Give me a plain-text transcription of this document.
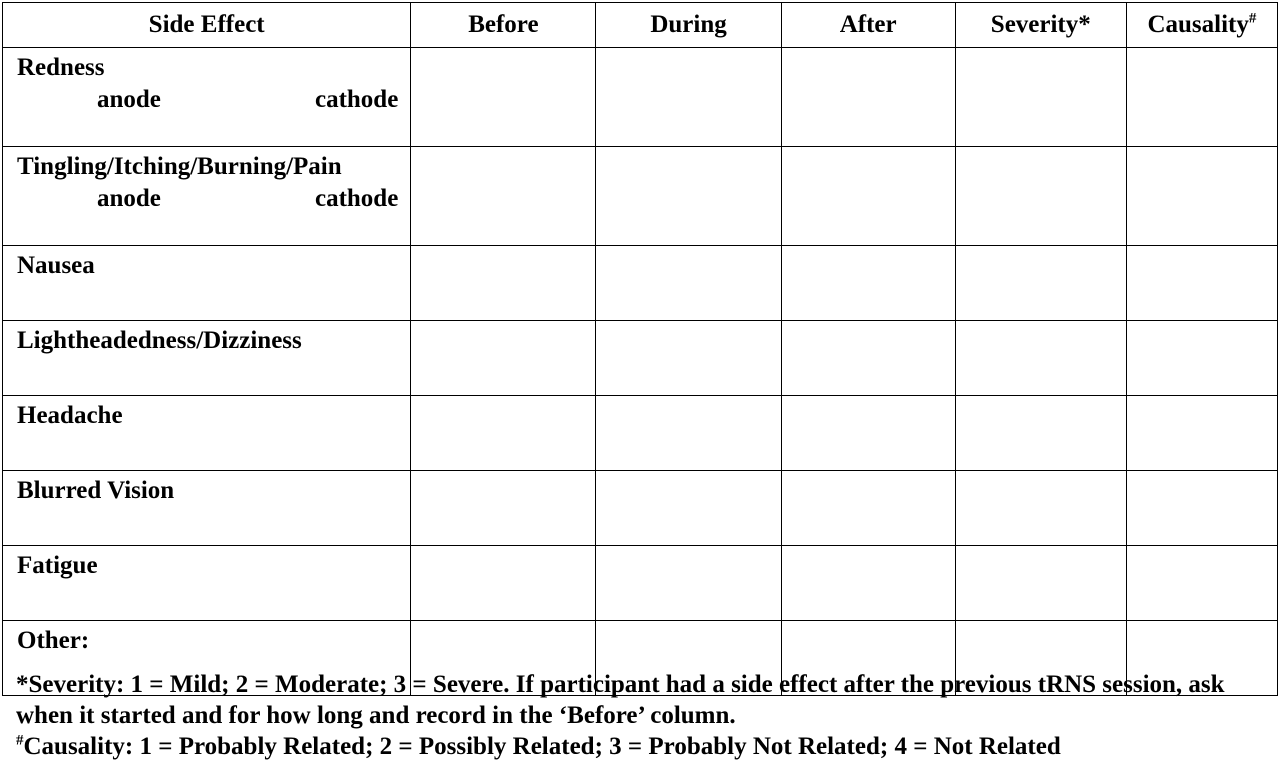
Side Effect	Before	During	After	Severity*	Causality#

Redness
anode cathode					

Tingling/Itching/Burning/Pain
anode cathode					

Nausea					
Lightheadedness/Dizziness					
Headache					
Blurred Vision					
Fatigue					
Other:					

*Severity: 1 = Mild; 2 = Moderate; 3 = Severe. If participant had a side effect after the previous tRNS session, ask when it started and for how long and record in the ‘Before’ column.

#Causality: 1 = Probably Related; 2 = Possibly Related; 3 = Probably Not Related; 4 = Not Related
